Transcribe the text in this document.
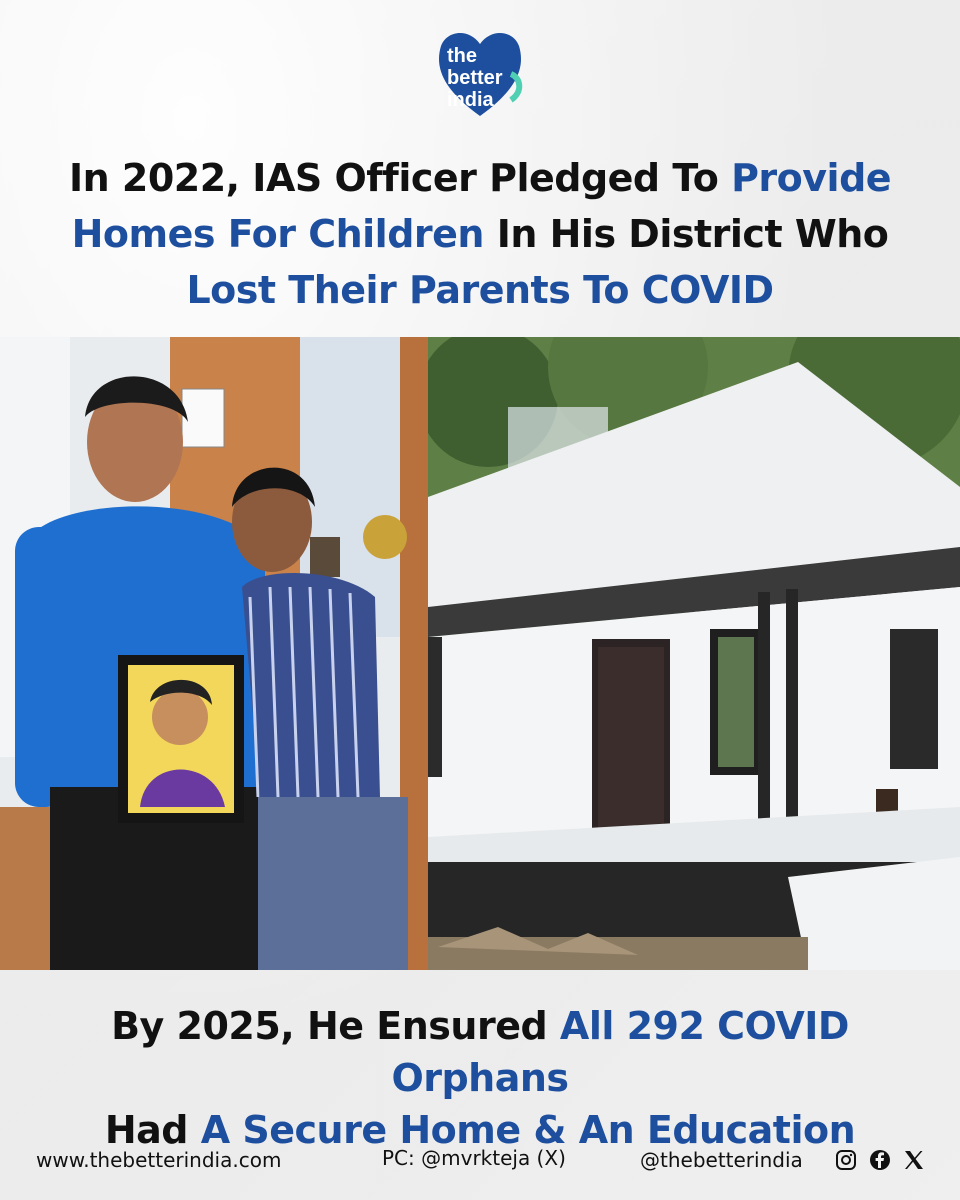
the
better
india
In 2022, IAS Officer Pledged To Provide Homes For Children In His District Who
Lost Their Parents To COVID
By 2025, He Ensured All 292 COVID Orphans
Had A Secure Home & An Education
www.thebetterindia.com	PC: @mvrkteja (X)	@thebetterindia
